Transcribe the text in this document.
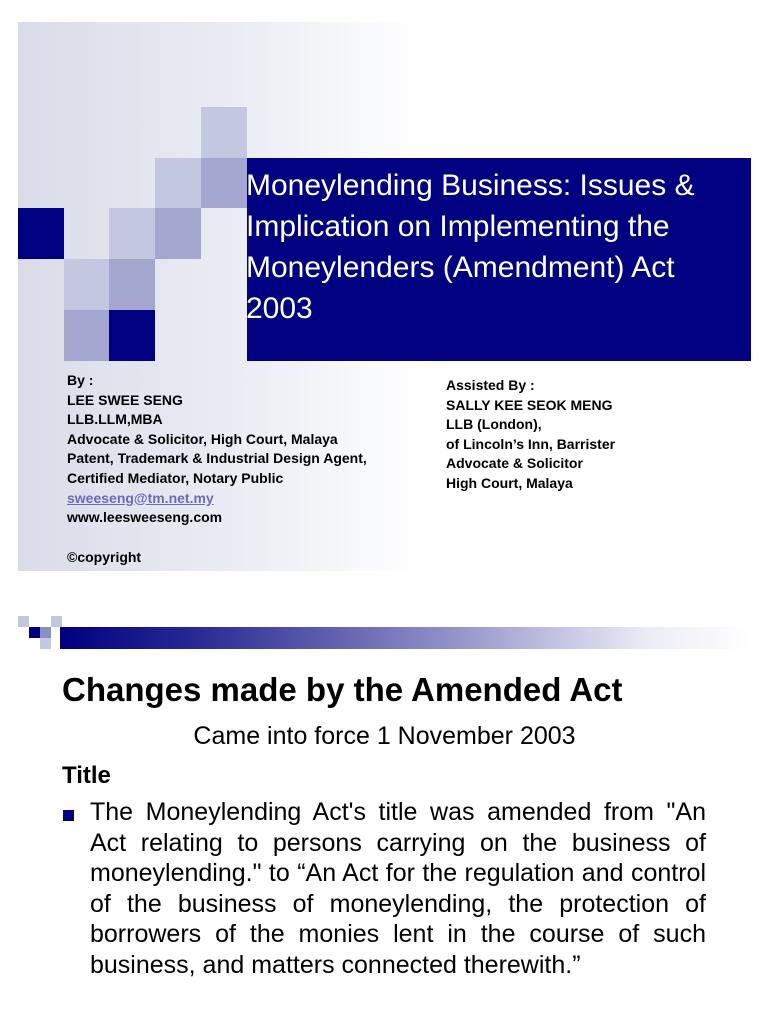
Moneylending Business: Issues & Implication on Implementing the Moneylenders (Amendment) Act 2003
By :
LEE SWEE SENG
LLB.LLM,MBA
Advocate & Solicitor, High Court, Malaya
Patent, Trademark & Industrial Design Agent,
Certified Mediator, Notary Public
sweeseng@tm.net.my
www.leesweeseng.com
©copyright
Assisted By :
SALLY KEE SEOK MENG
LLB (London),
of Lincoln’s Inn, Barrister
Advocate & Solicitor
High Court, Malaya
Changes made by the Amended Act
Came into force 1 November 2003
Title
The Moneylending Act's title was amended from "An Act relating to persons carrying on the business of moneylending." to “An Act for the regulation and control of the business of moneylending, the protection of borrowers of the monies lent in the course of such business, and matters connected therewith.”
